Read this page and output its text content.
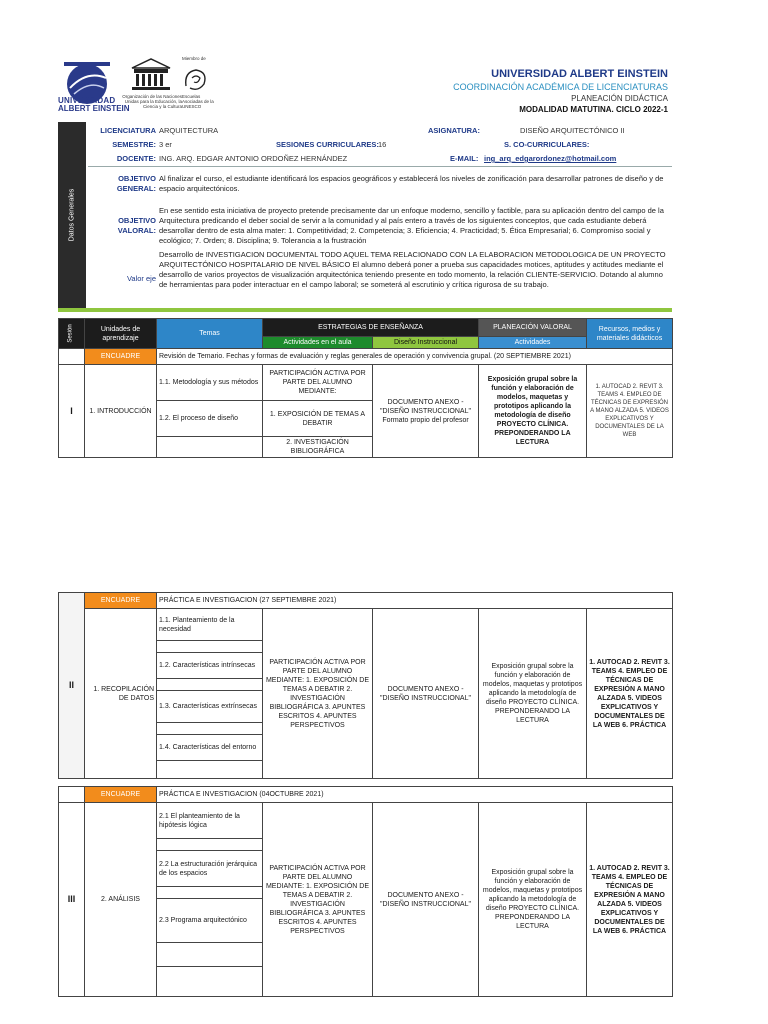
UNIVERSIDAD
ALBERT EINSTEIN
Organización de las Naciones Unidas para la Educación, la Ciencia y la Cultura
Miembro de
Escuelas Asociadas de la UNESCO
UNIVERSIDAD ALBERT EINSTEIN
COORDINACIÓN ACADÉMICA DE LICENCIATURAS
PLANEACIÓN DIDÁCTICA
MODALIDAD MATUTINA. CICLO 2022-1
Datos Generales
LICENCIATURA ARQUITECTURA	ASIGNATURA:	DISEÑO ARQUITECTÓNICO II
SEMESTRE: 3 er	SESIONES CURRICULARES: 16	S. CO-CURRICULARES:
DOCENTE: ING. ARQ. EDGAR ANTONIO ORDOÑEZ HERNÁNDEZ	E-MAIL: ing_arq_edgarordonez@hotmail.com
OBJETIVO GENERAL:
Al finalizar el curso, el estudiante identificará los espacios geográficos y establecerá los niveles de zonificación para desarrollar patrones de diseño y de espacio arquitectónicos.
OBJETIVO VALORAL:
En ese sentido esta iniciativa de proyecto pretende precisamente dar un enfoque moderno, sencillo y factible, para su aplicación dentro del campo de la Arquitectura predicando el deber social de servir a la comunidad y al país entero a través de los siguientes conceptos, que cada estudiante deberá desarrollar dentro de esta alma mater: 1. Competitividad; 2. Competencia; 3. Eficiencia; 4. Practicidad; 5. Ética Empresarial; 6. Compromiso social y ecológico; 7. Orden; 8. Disciplina; 9. Tolerancia a la frustración
Valor eje
Desarrollo de INVESTIGACION DOCUMENTAL TODO AQUEL TEMA RELACIONADO CON LA ELABORACION METODOLOGICA DE UN PROYECTO ARQUITECTÓNICO HOSPITALARIO DE NIVEL BÁSICO El alumno deberá poner a prueba sus capacidades motices, aptitudes y actitudes mediante el desarrollo de varios proyectos de visualización arquitectónica teniendo presente en todo momento, la relación CLIENTE-SERVICIO. Dotando al alumno de herramientas para poder interactuar en el campo laboral; se someterá al escrutinio y crítica rigurosa de su trabajo.
Sesión	Unidades de aprendizaje	Temas	ESTRATEGIAS DE ENSEÑANZA		PLANEACIÓN VALORAL	Recursos, medios y materiales didácticos
			Actividades en el aula	Diseño Instruccional	Actividades	
	ENCUADRE	Revisión de Temario. Fechas y formas de evaluación y reglas generales de operación y convivencia grupal. (20 SEPTIEMBRE 2021)				
I	1. INTRODUCCIÓN	1.1. Metodología y sus métodos	PARTICIPACIÓN ACTIVA POR PARTE DEL ALUMNO MEDIANTE:	DOCUMENTO ANEXO - "DISEÑO INSTRUCCIONAL" Formato propio del profesor	Exposición grupal sobre la función y elaboración de modelos, maquetas y prototipos aplicando la metodología de diseño PROYECTO CLÍNICA. PREPONDERANDO LA LECTURA	1. AUTOCAD 2. REVIT 3. TEAMS 4. EMPLEO DE TÉCNICAS DE EXPRESIÓN A MANO ALZADA 5. VIDEOS EXPLICATIVOS Y DOCUMENTALES DE LA WEB
		1.2. El proceso de diseño	1. EXPOSICIÓN DE TEMAS A DEBATIR			
			2. INVESTIGACIÓN BIBLIOGRÁFICA			
II	ENCUADRE	PRÁCTICA E INVESTIGACION (27 SEPTIEMBRE 2021)				
	1. RECOPILACIÓN DE DATOS	1.1. Planteamiento de la necesidad	PARTICIPACIÓN ACTIVA POR PARTE DEL ALUMNO MEDIANTE: 1. EXPOSICIÓN DE TEMAS A DEBATIR 2. INVESTIGACIÓN BIBLIOGRÁFICA 3. APUNTES ESCRITOS 4. APUNTES PERSPECTIVOS	DOCUMENTO ANEXO - "DISEÑO INSTRUCCIONAL"	Exposición grupal sobre la función y elaboración de modelos, maquetas y prototipos aplicando la metodología de diseño PROYECTO CLÍNICA. PREPONDERANDO LA LECTURA	1. AUTOCAD 2. REVIT 3. TEAMS 4. EMPLEO DE TÉCNICAS DE EXPRESIÓN A MANO ALZADA 5. VIDEOS EXPLICATIVOS Y DOCUMENTALES DE LA WEB 6. PRÁCTICA

		1.2. Características intrínsecas				

		1.3. Características extrínsecas				

		1.4. Características del entorno				

	ENCUADRE	PRÁCTICA E INVESTIGACION (04OCTUBRE 2021)				
III	2. ANÁLISIS	2.1 El planteamiento de la hipótesis lógica	PARTICIPACIÓN ACTIVA POR PARTE DEL ALUMNO MEDIANTE: 1. EXPOSICIÓN DE TEMAS A DEBATIR 2. INVESTIGACIÓN BIBLIOGRÁFICA 3. APUNTES ESCRITOS 4. APUNTES PERSPECTIVOS	DOCUMENTO ANEXO - "DISEÑO INSTRUCCIONAL"	Exposición grupal sobre la función y elaboración de modelos, maquetas y prototipos aplicando la metodología de diseño PROYECTO CLÍNICA. PREPONDERANDO LA LECTURA	1. AUTOCAD 2. REVIT 3. TEAMS 4. EMPLEO DE TÉCNICAS DE EXPRESIÓN A MANO ALZADA 5. VIDEOS EXPLICATIVOS Y DOCUMENTALES DE LA WEB 6. PRÁCTICA

		2.2 La estructuración jerárquica de los espacios				

		2.3 Programa arquitectónico				
